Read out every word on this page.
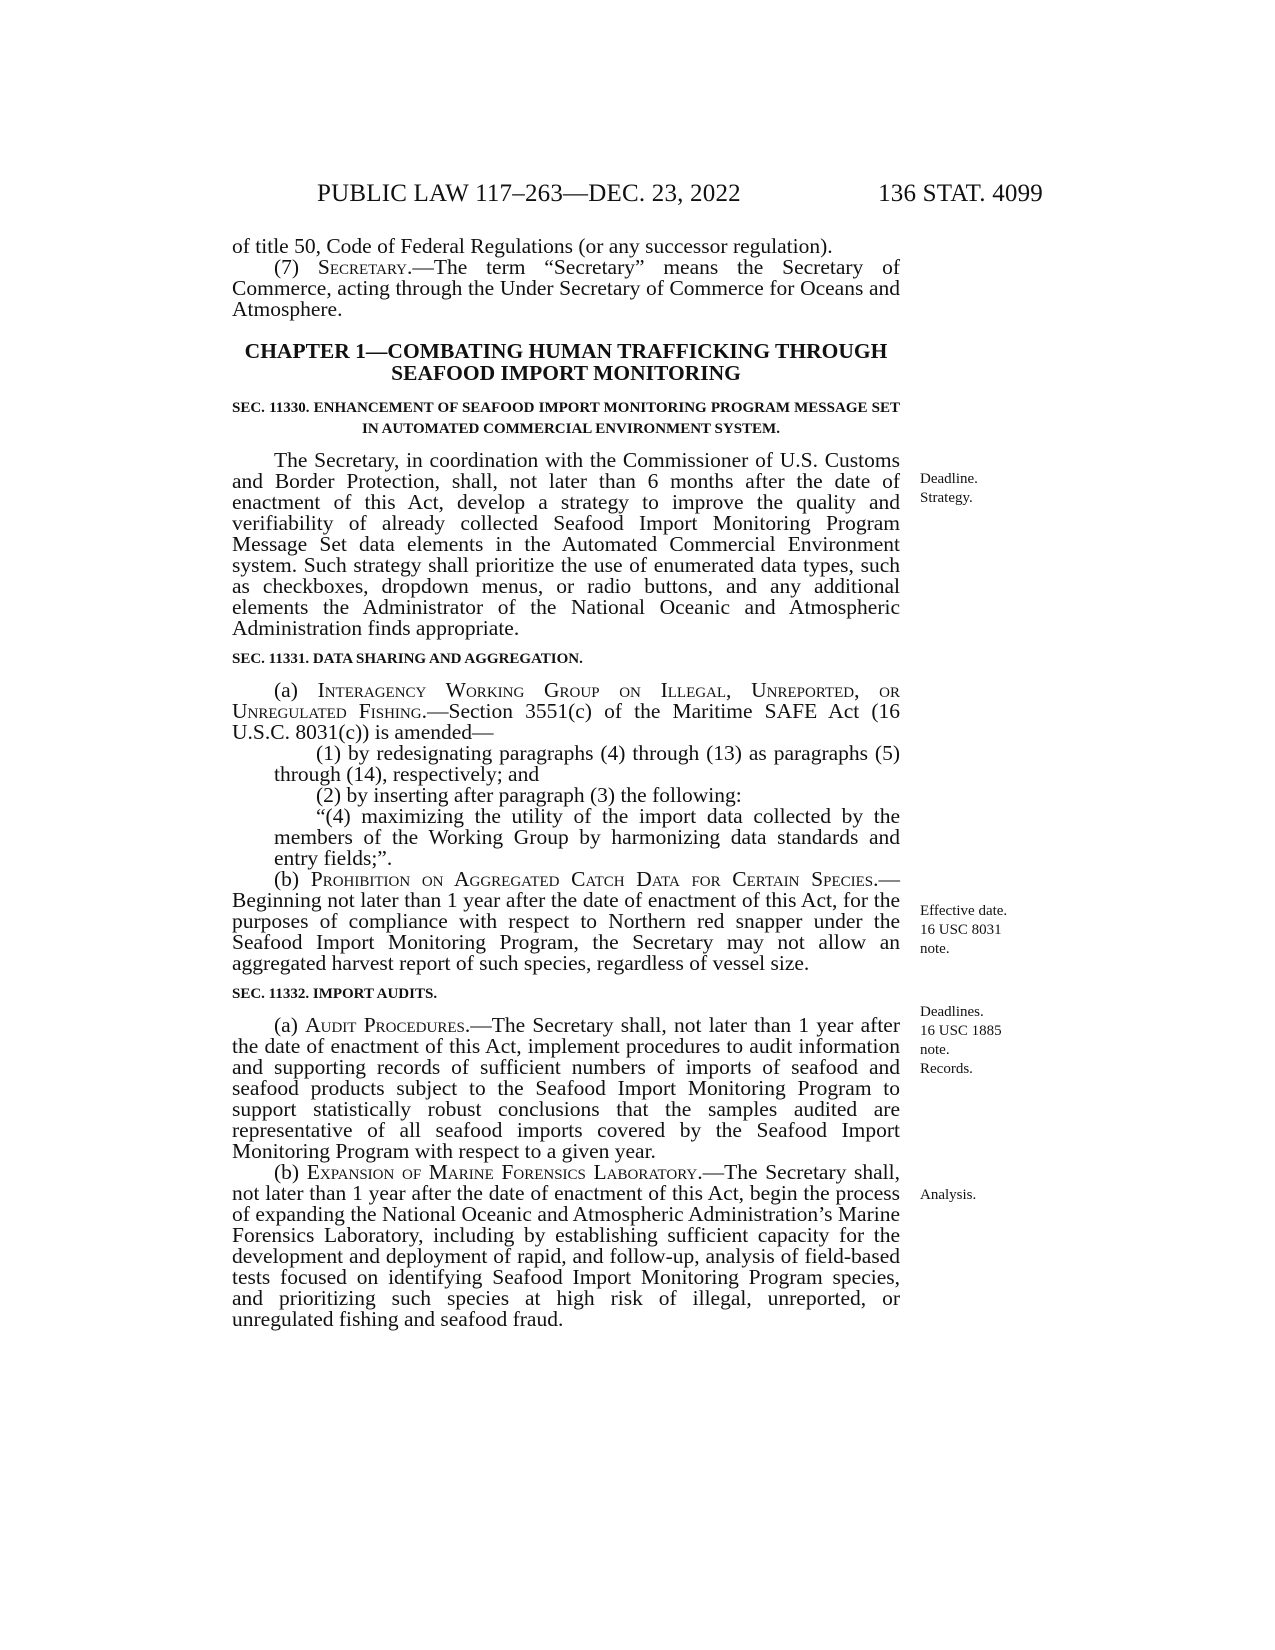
PUBLIC LAW 117–263—DEC. 23, 2022	136 STAT. 4099

of title 50, Code of Federal Regulations (or any successor regulation).

(7) Secretary.—The term “Secretary” means the Secretary of Commerce, acting through the Under Secretary of Commerce for Oceans and Atmosphere.

CHAPTER 1—COMBATING HUMAN TRAFFICKING THROUGH SEAFOOD IMPORT MONITORING
SEC. 11330. ENHANCEMENT OF SEAFOOD IMPORT MONITORING PROGRAM MESSAGE SET IN AUTOMATED COMMERCIAL ENVIRONMENT SYSTEM.

The Secretary, in coordination with the Commissioner of U.S. Customs and Border Protection, shall, not later than 6 months after the date of enactment of this Act, develop a strategy to improve the quality and verifiability of already collected Seafood Import Monitoring Program Message Set data elements in the Automated Commercial Environment system. Such strategy shall prioritize the use of enumerated data types, such as checkboxes, dropdown menus, or radio buttons, and any additional elements the Administrator of the National Oceanic and Atmospheric Administration finds appropriate.

SEC. 11331. DATA SHARING AND AGGREGATION.

(a) Interagency Working Group on Illegal, Unreported, or Unregulated Fishing.—Section 3551(c) of the Maritime SAFE Act (16 U.S.C. 8031(c)) is amended—

(1) by redesignating paragraphs (4) through (13) as paragraphs (5) through (14), respectively; and

(2) by inserting after paragraph (3) the following:

“(4) maximizing the utility of the import data collected by the members of the Working Group by harmonizing data standards and entry fields;”.

(b) Prohibition on Aggregated Catch Data for Certain Species.—Beginning not later than 1 year after the date of enactment of this Act, for the purposes of compliance with respect to Northern red snapper under the Seafood Import Monitoring Program, the Secretary may not allow an aggregated harvest report of such species, regardless of vessel size.

SEC. 11332. IMPORT AUDITS.

(a) Audit Procedures.—The Secretary shall, not later than 1 year after the date of enactment of this Act, implement procedures to audit information and supporting records of sufficient numbers of imports of seafood and seafood products subject to the Seafood Import Monitoring Program to support statistically robust conclusions that the samples audited are representative of all seafood imports covered by the Seafood Import Monitoring Program with respect to a given year.

(b) Expansion of Marine Forensics Laboratory.—The Secretary shall, not later than 1 year after the date of enactment of this Act, begin the process of expanding the National Oceanic and Atmospheric Administration’s Marine Forensics Laboratory, including by establishing sufficient capacity for the development and deployment of rapid, and follow-up, analysis of field-based tests focused on identifying Seafood Import Monitoring Program species, and prioritizing such species at high risk of illegal, unreported, or unregulated fishing and seafood fraud.

Deadline.
Strategy.
Effective date.
16 USC 8031
note.
Deadlines.
16 USC 1885
note.
Records.
Analysis.
